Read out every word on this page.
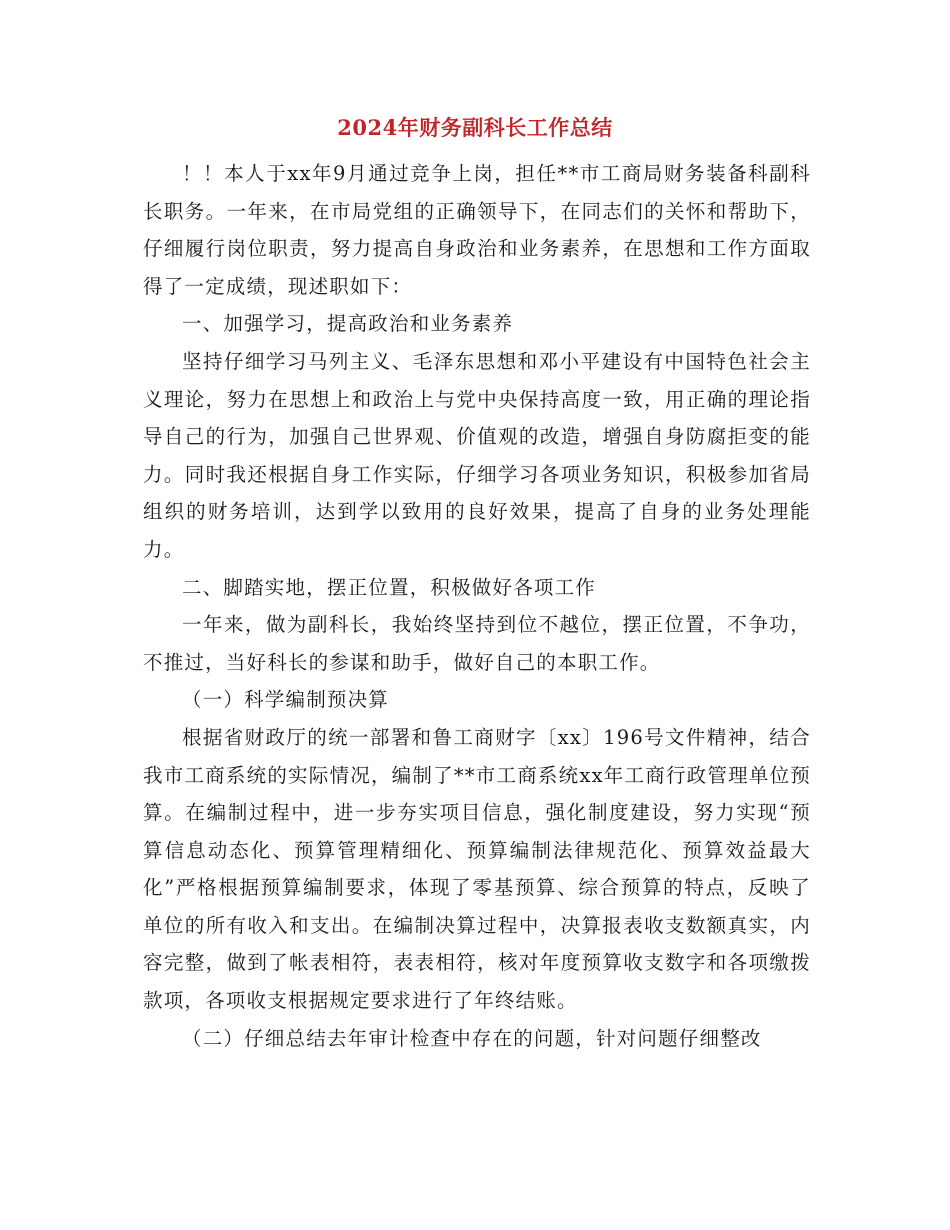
2024年财务副科长工作总结

！！本人于xx年9月通过竞争上岗，担任**市工商局财务装备科副科长职务。一年来，在市局党组的正确领导下，在同志们的关怀和帮助下，仔细履行岗位职责，努力提高自身政治和业务素养，在思想和工作方面取得了一定成绩，现述职如下：

一、加强学习，提高政治和业务素养

坚持仔细学习马列主义、毛泽东思想和邓小平建设有中国特色社会主义理论，努力在思想上和政治上与党中央保持高度一致，用正确的理论指导自己的行为，加强自己世界观、价值观的改造，增强自身防腐拒变的能力。同时我还根据自身工作实际，仔细学习各项业务知识，积极参加省局组织的财务培训，达到学以致用的良好效果，提高了自身的业务处理能力。

二、脚踏实地，摆正位置，积极做好各项工作

一年来，做为副科长，我始终坚持到位不越位，摆正位置，不争功，不推过，当好科长的参谋和助手，做好自己的本职工作。

（一）科学编制预决算

根据省财政厅的统一部署和鲁工商财字〔xx〕196号文件精神，结合我市工商系统的实际情况，编制了**市工商系统xx年工商行政管理单位预算。在编制过程中，进一步夯实项目信息，强化制度建设，努力实现“预算信息动态化、预算管理精细化、预算编制法律规范化、预算效益最大化”严格根据预算编制要求，体现了零基预算、综合预算的特点，反映了单位的所有收入和支出。在编制决算过程中，决算报表收支数额真实，内容完整，做到了帐表相符，表表相符，核对年度预算收支数字和各项缴拨款项，各项收支根据规定要求进行了年终结账。

（二）仔细总结去年审计检查中存在的问题，针对问题仔细整改
